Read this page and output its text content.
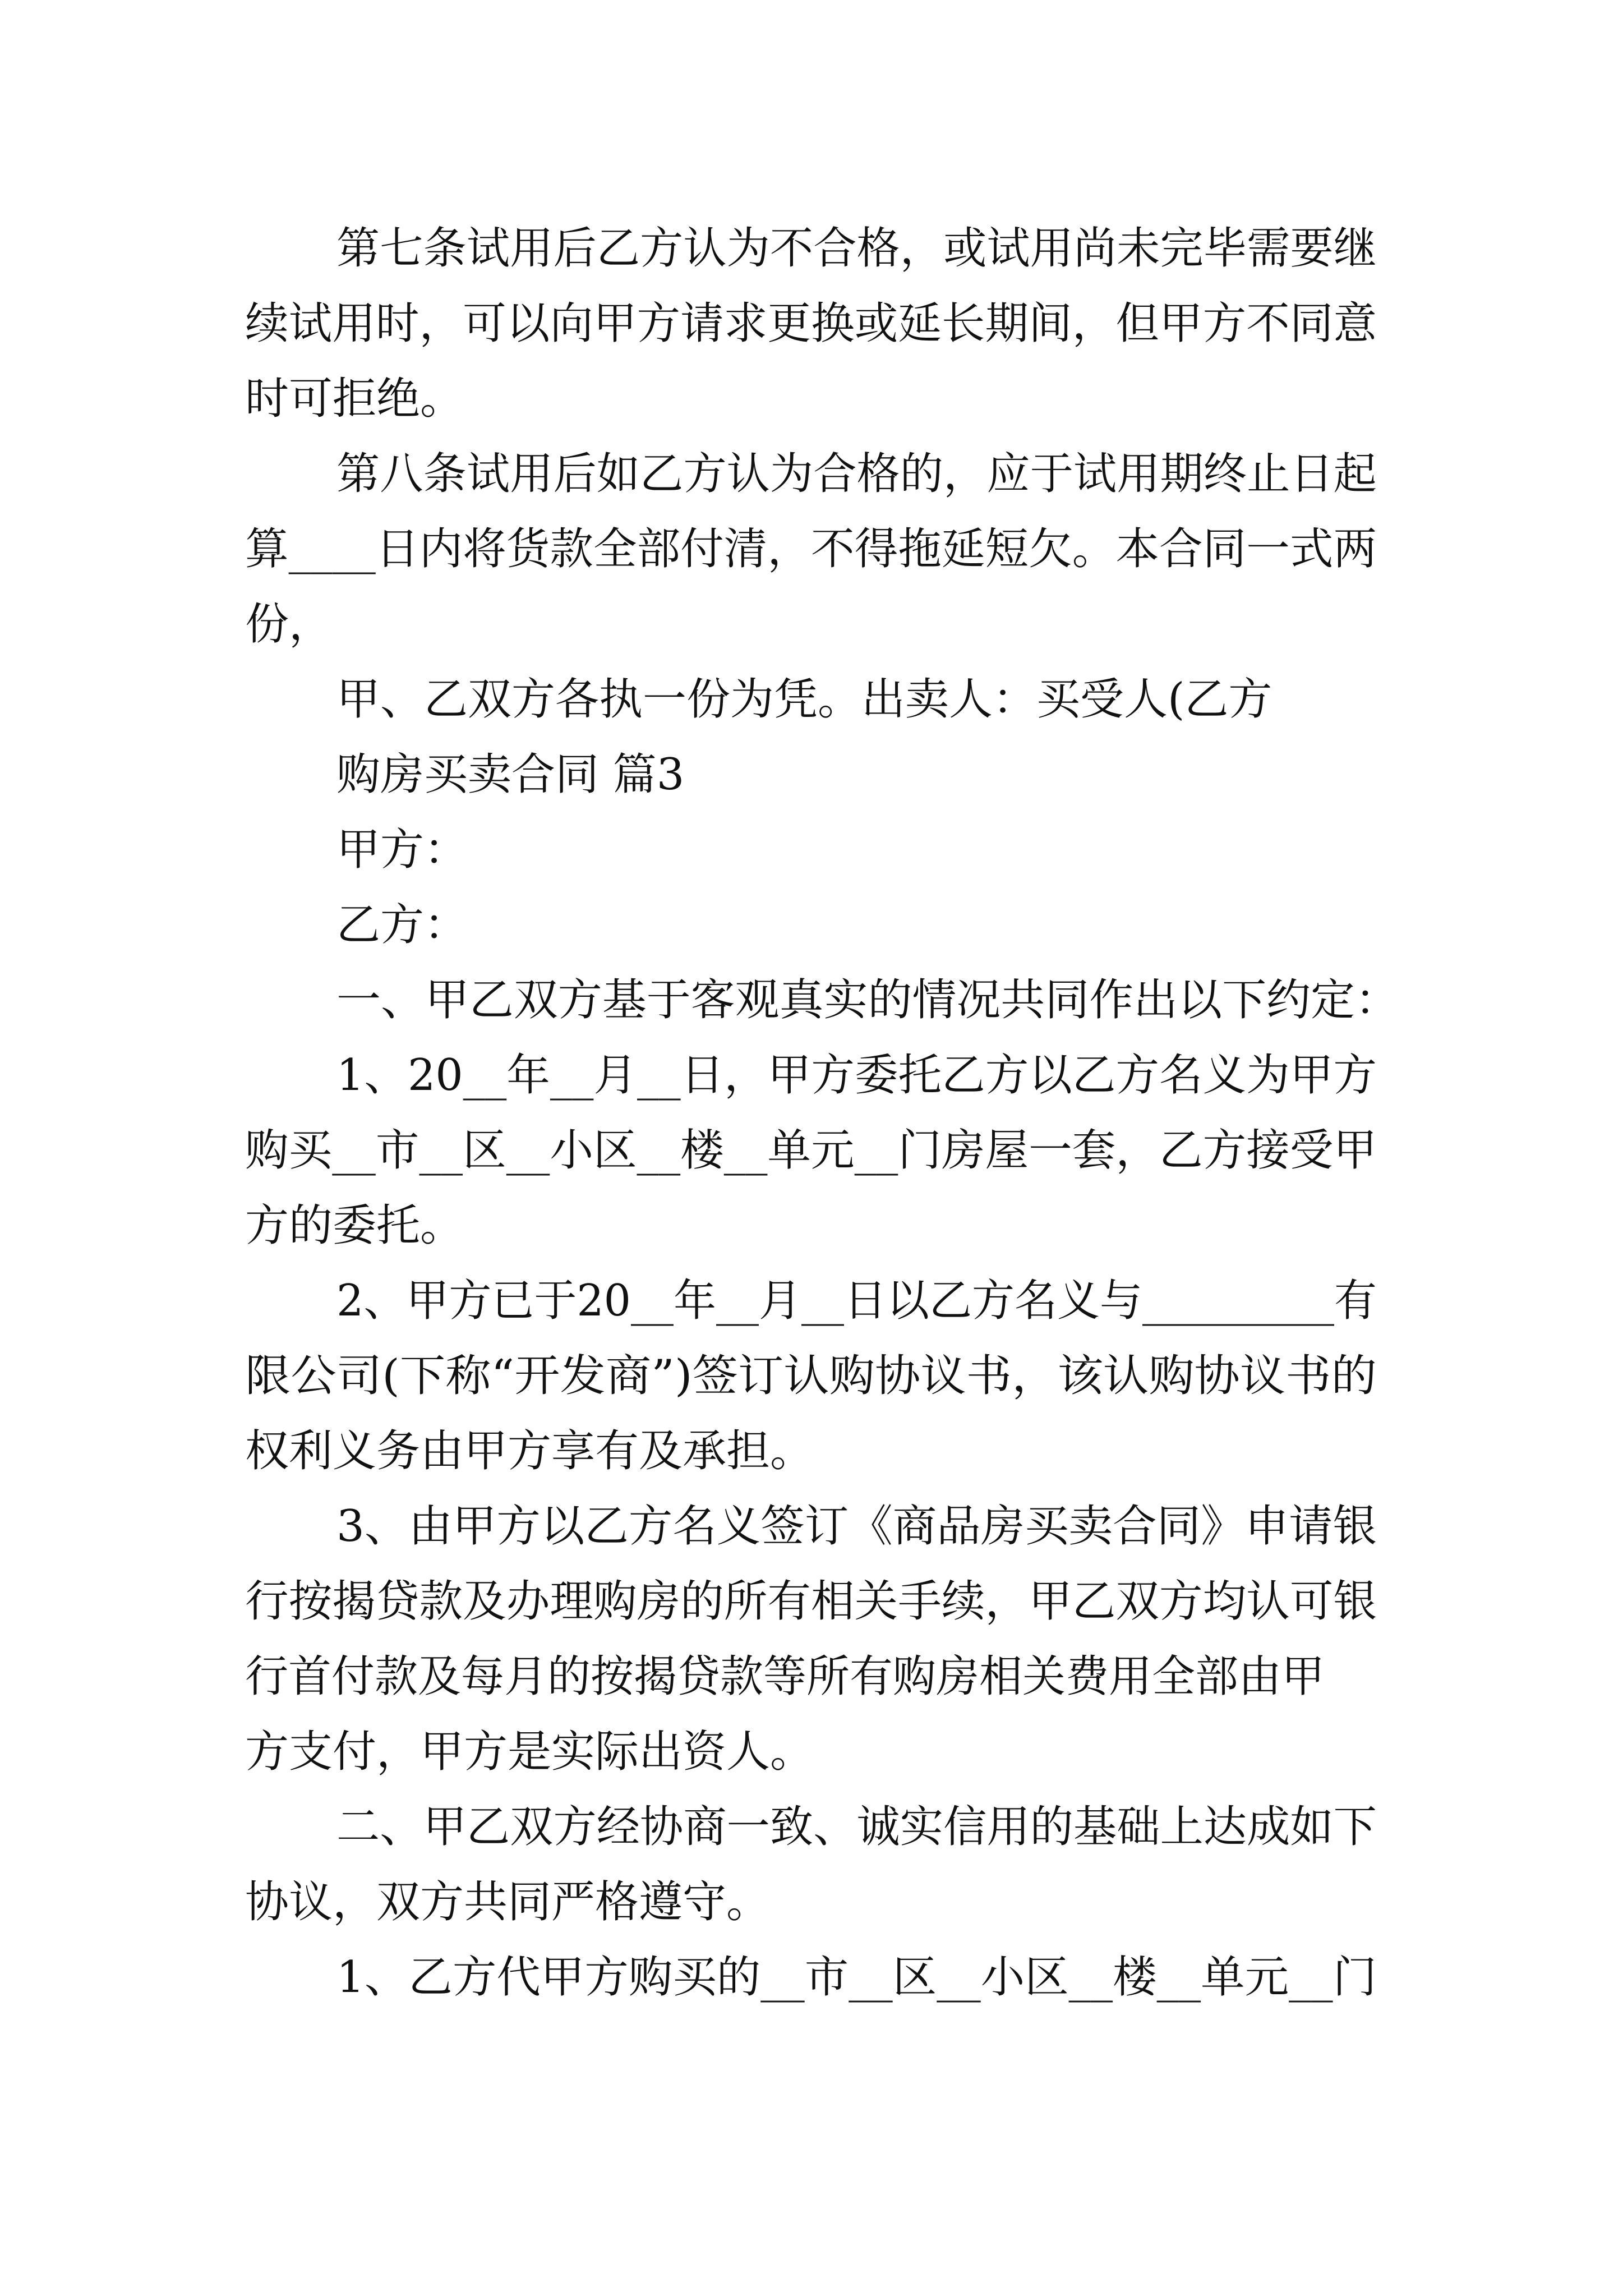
第七条试用后乙方认为不合格，或试用尚未完毕需要继

续试用时，可以向甲方请求更换或延长期间，但甲方不同意

时可拒绝。

第八条试用后如乙方认为合格的，应于试用期终止日起

算____日内将货款全部付清，不得拖延短欠。本合同一式两

份，

甲、乙双方各执一份为凭。出卖人：买受人(乙方

购房买卖合同 篇3

甲方：

乙方：

一、甲乙双方基于客观真实的情况共同作出以下约定：

1、20__年__月__日，甲方委托乙方以乙方名义为甲方

购买__市__区__小区__楼__单元__门房屋一套，乙方接受甲

方的委托。

2、甲方已于20__年__月__日以乙方名义与_________有

限公司(下称“开发商”)签订认购协议书，该认购协议书的

权利义务由甲方享有及承担。

3、由甲方以乙方名义签订《商品房买卖合同》申请银

行按揭贷款及办理购房的所有相关手续，甲乙双方均认可银

行首付款及每月的按揭贷款等所有购房相关费用全部由甲

方支付，甲方是实际出资人。

二、甲乙双方经协商一致、诚实信用的基础上达成如下

协议，双方共同严格遵守。

1、乙方代甲方购买的__市__区__小区__楼__单元__门
